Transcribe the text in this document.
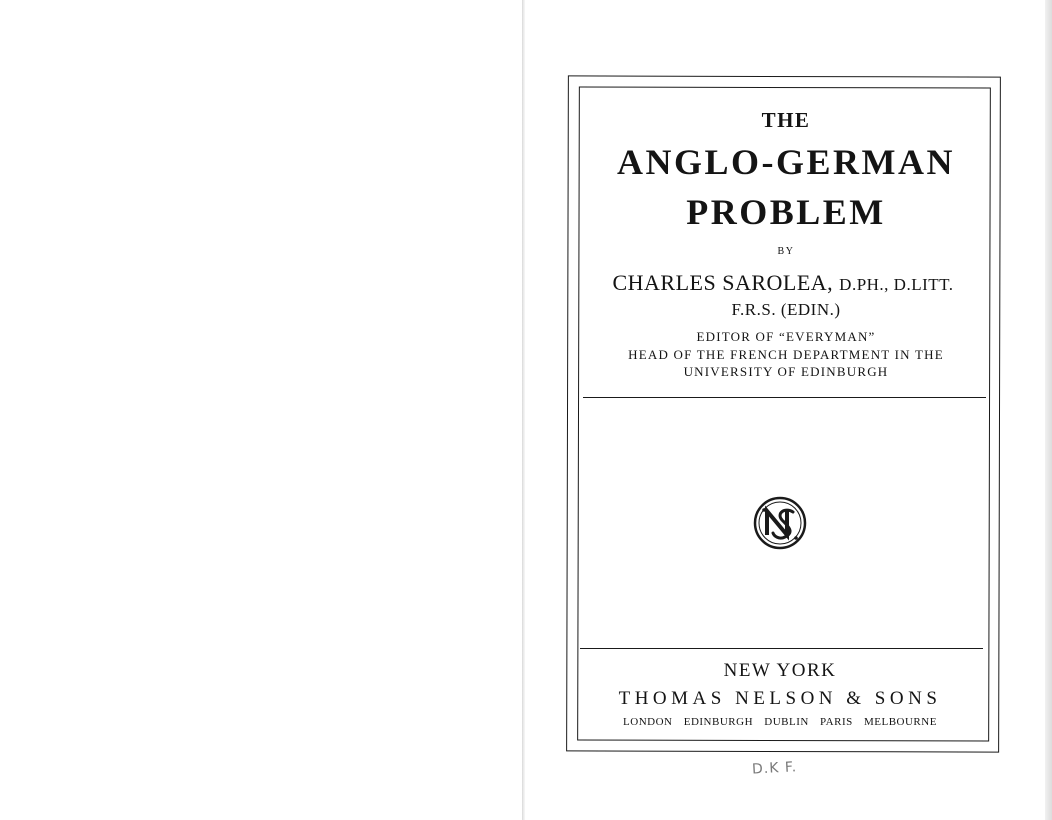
THE
ANGLO-GERMAN
PROBLEM
BY
CHARLES SAROLEA, D.PH., D.LITT.
F.R.S. (EDIN.)
EDITOR OF “EVERYMAN”
HEAD OF THE FRENCH DEPARTMENT IN THE
UNIVERSITY OF EDINBURGH
NEW YORK
THOMAS NELSON & SONS
LONDON EDINBURGH DUBLIN PARIS MELBOURNE
D.K F.
